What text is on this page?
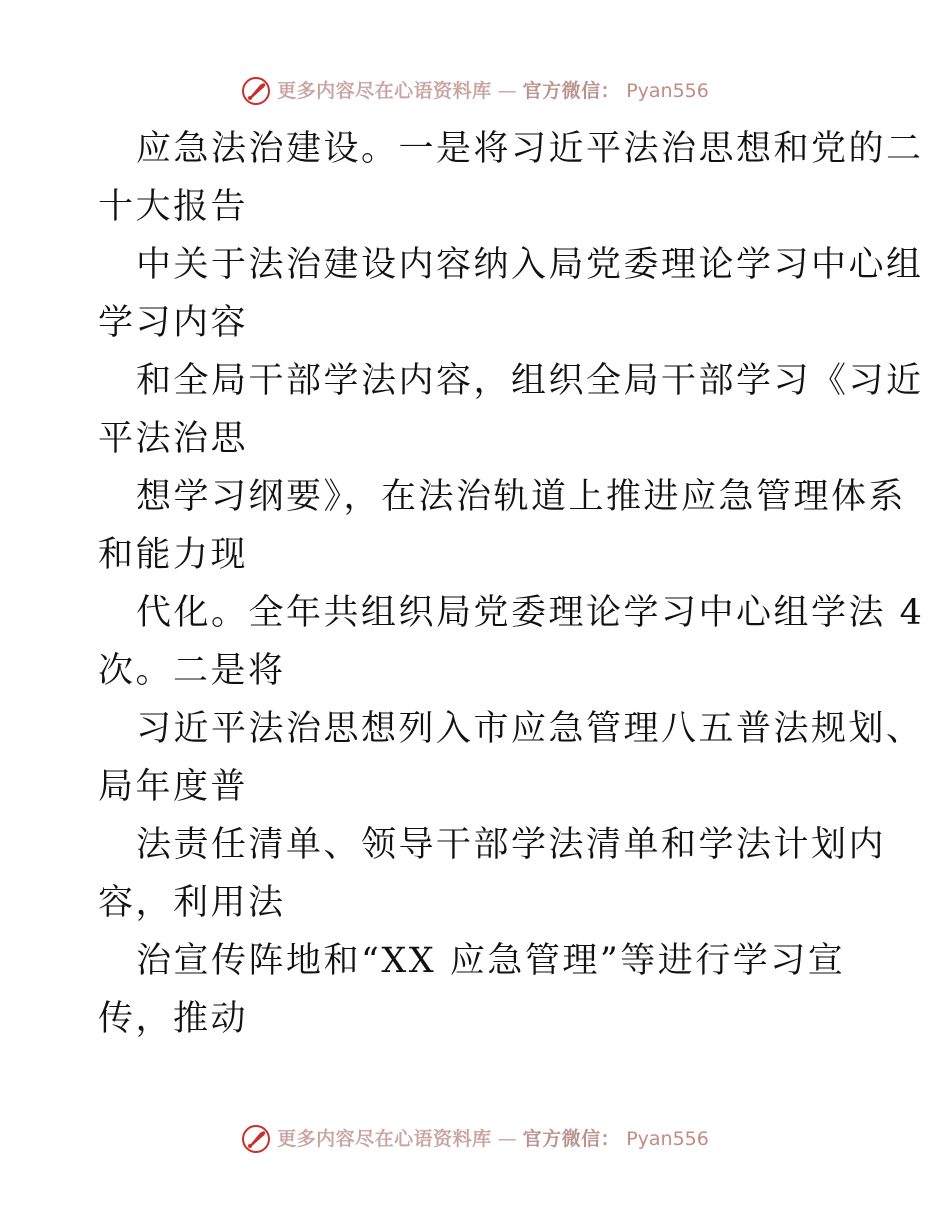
更多内容尽在心语资料库 — 官方微信： Pyan556
应急法治建设。一是将习近平法治思想和党的二
十大报告
中关于法治建设内容纳入局党委理论学习中心组
学习内容
和全局干部学法内容，组织全局干部学习《习近
平法治思
想学习纲要》，在法治轨道上推进应急管理体系
和能力现
代化。全年共组织局党委理论学习中心组学法 4
次。二是将
习近平法治思想列入市应急管理八五普法规划、
局年度普
法责任清单、领导干部学法清单和学法计划内
容，利用法
治宣传阵地和“XX 应急管理”等进行学习宣
传，推动
更多内容尽在心语资料库 — 官方微信： Pyan556
